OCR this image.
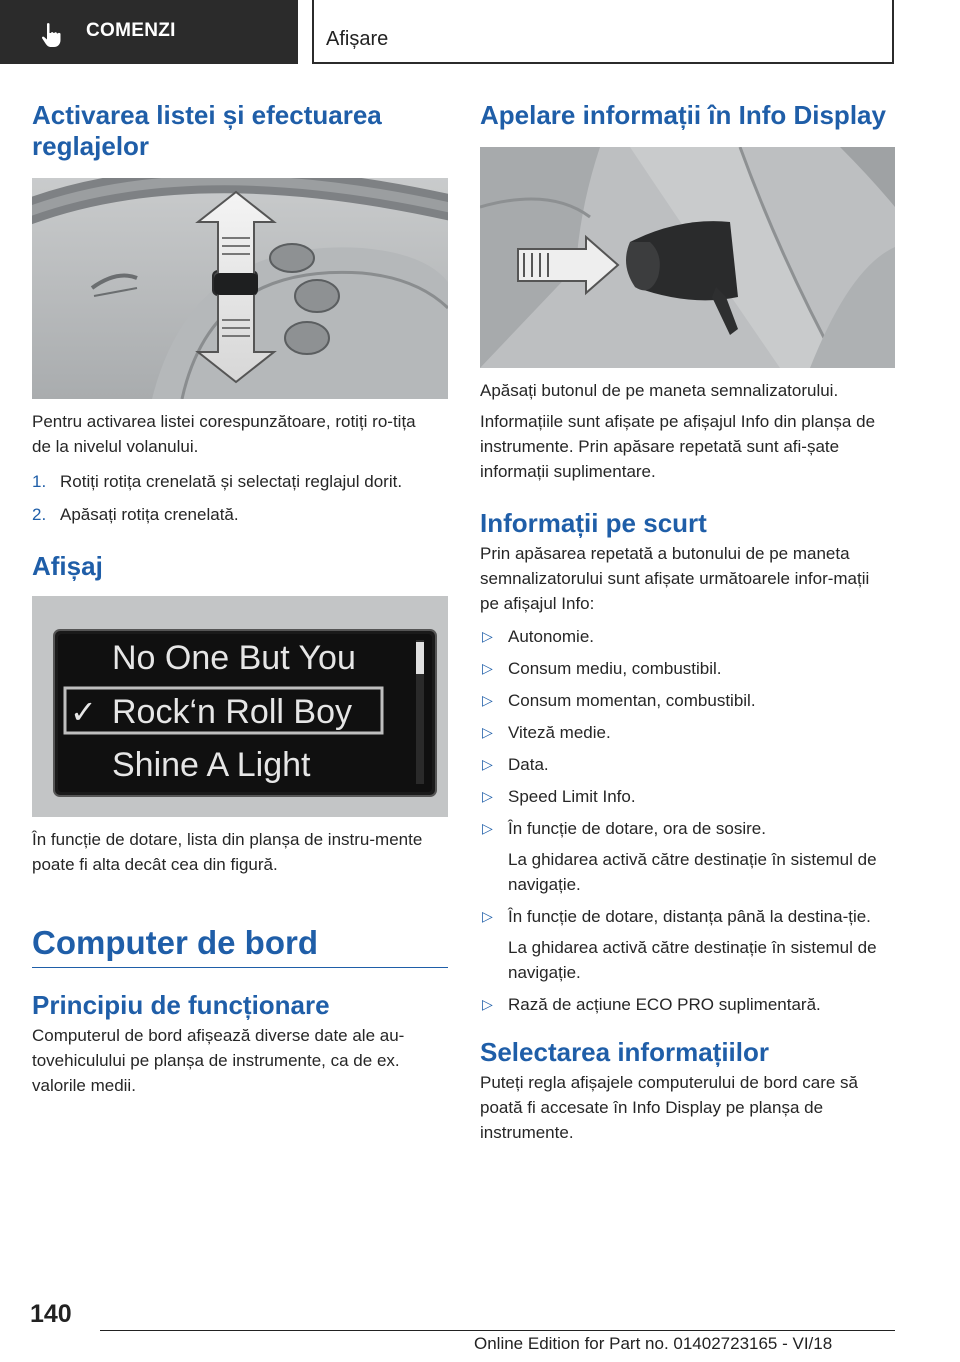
COMENZI	Afișare
Activarea listei și efectuarea reglajelor

Pentru activarea listei corespunzătoare, rotiți ro-tița de la nivelul volanului.

1. Rotiți rotița crenelată și selectați reglajul dorit.
2. Apăsați rotița crenelată.
Afișaj
No One But You
✓ Rock‘n Roll Boy
Shine A Light

În funcție de dotare, lista din planșa de instru-mente poate fi alta decât cea din figură.

Computer de bord
Principiu de funcționare

Computerul de bord afișează diverse date ale au-tovehiculului pe planșa de instrumente, ca de ex. valorile medii.

Apelare informații în Info Display

Apăsați butonul de pe maneta semnalizatorului.

Informațiile sunt afișate pe afișajul Info din planșa de instrumente. Prin apăsare repetată sunt afi-șate informații suplimentare.

Informații pe scurt

Prin apăsarea repetată a butonului de pe maneta semnalizatorului sunt afișate următoarele infor-mații pe afișajul Info:

▷ Autonomie.
▷ Consum mediu, combustibil.
▷ Consum momentan, combustibil.
▷ Viteză medie.
▷ Data.
▷ Speed Limit Info.
▷ În funcție de dotare, ora de sosire.
La ghidarea activă către destinație în sistemul de navigație.
▷ În funcție de dotare, distanța până la destina-ție.
La ghidarea activă către destinație în sistemul de navigație.
▷ Rază de acțiune ECO PRO suplimentară.
Selectarea informațiilor

Puteți regla afișajele computerului de bord care să poată fi accesate în Info Display pe planșa de instrumente.

140
Online Edition for Part no. 01402723165 - VI/18
